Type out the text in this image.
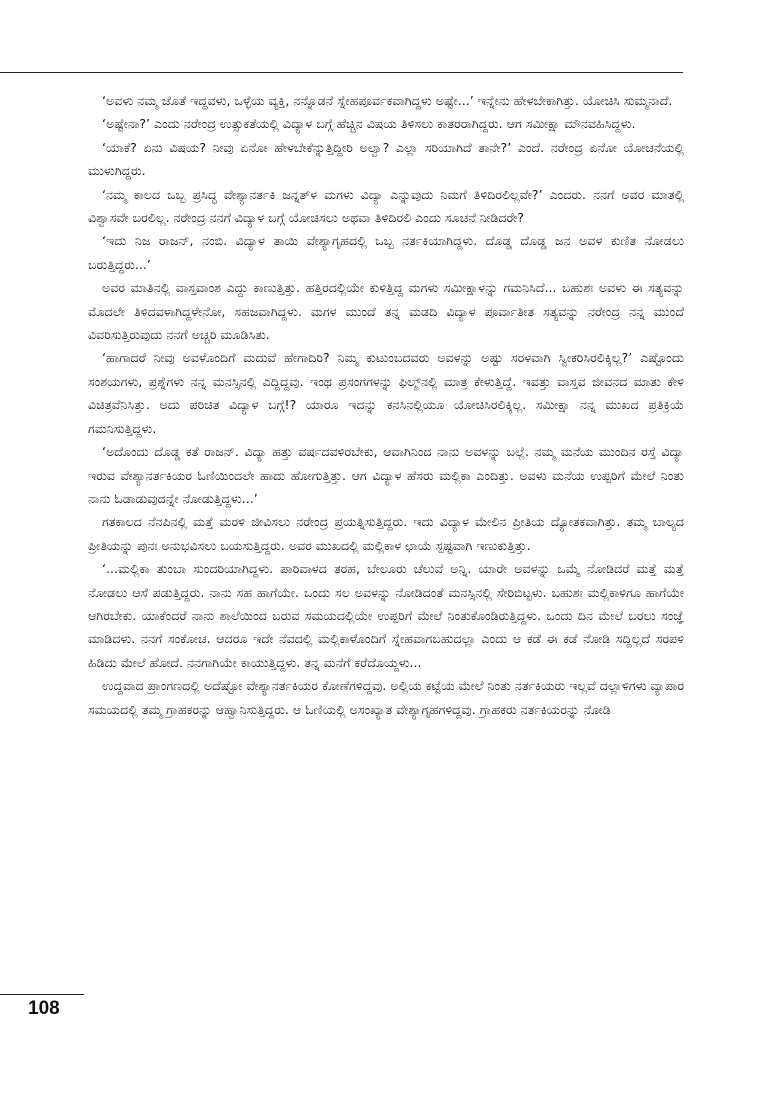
‘ಅವಳು ನಮ್ಮ ಜೊತೆ ಇದ್ದವಳು, ಒಳ್ಳೆಯ ವ್ಯಕ್ತಿ, ನನ್ನೊಡನೆ ಸ್ನೇಹಪೂರ್ವಕವಾಗಿದ್ದಳು ಅಷ್ಟೇ...’ ಇನ್ನೇನು ಹೇಳಬೇಕಾಗಿತ್ತು. ಯೋಚಿಸಿ ಸುಮ್ಮನಾದೆ.

‘ಅಷ್ಟೇನಾ?’ ಎಂದು ನರೇಂದ್ರ ಉತ್ಸುಕತೆಯಲ್ಲಿ ವಿದ್ಯಾಳ ಬಗ್ಗೆ ಹೆಚ್ಚಿನ ವಿಷಯ ತಿಳಿಸಲು ಕಾತರರಾಗಿದ್ದರು. ಆಗ ಸಮೀಕ್ಷಾ ಮೌನವಹಿಸಿದ್ದಳು.

‘ಯಾಕೆ? ಏನು ವಿಷಯ? ನೀವು ಏನೋ ಹೇಳಬೇಕೆನ್ನುತ್ತಿದ್ದೀರಿ ಅಲ್ವಾ? ಎಲ್ಲಾ ಸರಿಯಾಗಿದೆ ತಾನೇ?’ ಎಂದೆ. ನರೇಂದ್ರ ಏನೋ ಯೋಚನೆಯಲ್ಲಿ ಮುಳುಗಿದ್ದರು.

‘ನಮ್ಮ ಕಾಲದ ಒಬ್ಬ ಪ್ರಸಿದ್ಧ ವೇಶ್ಯಾನರ್ತಕಿ ಜನ್ನತ್‌ಳ ಮಗಳು ವಿದ್ಯಾ ಎನ್ನುವುದು ನಿಮಗೆ ತಿಳಿದಿರಲಿಲ್ಲವೇ?’ ಎಂದರು. ನನಗೆ ಅವರ ಮಾತಲ್ಲಿ ವಿಶ್ವಾಸವೇ ಬರಲಿಲ್ಲ. ನರೇಂದ್ರ ನನಗೆ ವಿದ್ಯಾಳ ಬಗ್ಗೆ ಯೋಚಿಸಲು ಅಥವಾ ತಿಳಿದಿರಲಿ ಎಂದು ಸೂಚನೆ ನೀಡಿದರೇ?

‘ಇದು ನಿಜ ರಾಜನ್, ನಂಬಿ. ವಿದ್ಯಾಳ ತಾಯಿ ವೇಶ್ಯಾಗೃಹದಲ್ಲಿ ಒಬ್ಬ ನರ್ತಕಿಯಾಗಿದ್ದಳು. ದೊಡ್ಡ ದೊಡ್ಡ ಜನ ಅವಳ ಕುಣಿತ ನೋಡಲು ಬರುತ್ತಿದ್ದರು...’

ಅವರ ಮಾತಿನಲ್ಲಿ ವಾಸ್ತವಾಂಶ ಎದ್ದು ಕಾಣುತ್ತಿತ್ತು. ಹತ್ತಿರದಲ್ಲಿಯೇ ಕುಳಿತ್ತಿದ್ದ ಮಗಳು ಸಮೀಕ್ಷಾಳನ್ನು ಗಮನಿಸಿದೆ... ಬಹುಶಃ ಅವಳು ಈ ಸತ್ಯವನ್ನು ಮೊದಲೇ ತಿಳಿದವಳಾಗಿದ್ದಳೇನೋ, ಸಹಜವಾಗಿದ್ದಳು. ಮಗಳ ಮುಂದೆ ತನ್ನ ಮಡದಿ ವಿದ್ಯಾಳ ಪೂರ್ವಾತೀತ ಸತ್ಯವನ್ನು ನರೇಂದ್ರ ನನ್ನ ಮುಂದೆ ವಿವರಿಸುತ್ತಿರುವುದು ನನಗೆ ಅಚ್ಚರಿ ಮೂಡಿಸಿತು.

‘ಹಾಗಾದರೆ ನೀವು ಅವಳೊಂದಿಗೆ ಮದುವೆ ಹೇಗಾದಿರಿ? ನಿಮ್ಮ ಕುಟುಂಬದವರು ಅವಳನ್ನು ಅಷ್ಟು ಸರಳವಾಗಿ ಸ್ವೀಕರಿಸಿರಲಿಕ್ಕಿಲ್ಲ?’ ಎಷ್ಟೊಂದು ಸಂಶಯಗಳು, ಪ್ರಶ್ನೆಗಳು ನನ್ನ ಮನಸ್ಸಿನಲ್ಲಿ ಎದ್ದಿದ್ದವು. ಇಂಥ ಪ್ರಸಂಗಗಳನ್ನು ಫಿಲ್ಮ್‌ನಲ್ಲಿ ಮಾತ್ರ ಕೇಳುತ್ತಿದ್ದೆ. ಇವತ್ತು ವಾಸ್ತವ ಜೀವನದ ಮಾತು ಕೇಳಿ ವಿಚಿತ್ರವೆನಿಸಿತ್ತು. ಅದು ಪರಿಚಿತ ವಿದ್ಯಾಳ ಬಗ್ಗೆ!? ಯಾರೂ ಇದನ್ನು ಕನಸಿನಲ್ಲಿಯೂ ಯೋಚಿಸಿರಲಿಕ್ಕಿಲ್ಲ. ಸಮೀಕ್ಷಾ ನನ್ನ ಮುಖದ ಪ್ರತಿಕ್ರಿಯೆ ಗಮನಿಸುತ್ತಿದ್ದಳು.

‘ಅದೊಂದು ದೊಡ್ಡ ಕತೆ ರಾಜನ್. ವಿದ್ಯಾ ಹತ್ತು ವರ್ಷದವಳಿರಬೇಕು, ಆವಾಗಿನಿಂದ ನಾನು ಅವಳನ್ನು ಬಲ್ಲೆ. ನಮ್ಮ ಮನೆಯ ಮುಂದಿನ ರಸ್ತೆ ವಿದ್ಯಾ ಇರುವ ವೇಶ್ಯಾನರ್ತಕಿಯರ ಓಣಿಯಿಂದಲೇ ಹಾದು ಹೋಗುತ್ತಿತ್ತು. ಆಗ ವಿದ್ಯಾಳ ಹೆಸರು ಮಲ್ಲಿಕಾ ಎಂದಿತ್ತು. ಅವಳು ಮನೆಯ ಉಪ್ಪರಿಗೆ ಮೇಲೆ ನಿಂತು ನಾನು ಓಡಾಡುವುದನ್ನೇ ನೋಡುತ್ತಿದ್ದಳು...’

ಗತಕಾಲದ ನೆನಪಿನಲ್ಲಿ ಮತ್ತೆ ಮರಳಿ ಜೀವಿಸಲು ನರೇಂದ್ರ ಪ್ರಯತ್ನಿಸುತ್ತಿದ್ದರು. ಇದು ವಿದ್ಯಾಳ ಮೇಲಿನ ಪ್ರೀತಿಯ ದ್ಯೋತಕವಾಗಿತ್ತು. ತಮ್ಮ ಬಾಲ್ಯದ ಪ್ರೀತಿಯನ್ನು ಪುನಃ ಅನುಭವಿಸಲು ಬಯಸುತ್ತಿದ್ದರು. ಅವರ ಮುಖದಲ್ಲಿ ಮಲ್ಲಿಕಾಳ ಛಾಯೆ ಸ್ಪಷ್ಟವಾಗಿ ಇಣುಕುತ್ತಿತ್ತು.

‘...ಮಲ್ಲಿಕಾ ತುಂಬಾ ಸುಂದರಿಯಾಗಿದ್ದಳು. ಪಾರಿವಾಳದ ತರಹ, ಬೇಲೂರು ಚೆಲುವೆ ಅನ್ನಿ. ಯಾರೇ ಅವಳನ್ನು ಒಮ್ಮೆ ನೋಡಿದರೆ ಮತ್ತೆ ಮತ್ತೆ ನೋಡಲು ಆಸೆ ಪಡುತ್ತಿದ್ದರು. ನಾನು ಸಹ ಹಾಗೆಯೇ. ಒಂದು ಸಲ ಅವಳನ್ನು ನೋಡಿದಂತೆ ಮನಸ್ಸಿನಲ್ಲಿ ಸೇರಿಬಿಟ್ಟಳು. ಬಹುಶಃ ಮಲ್ಲಿಕಾಳಿಗೂ ಹಾಗೆಯೇ ಆಗಿರಬೇಕು. ಯಾಕೆಂದರೆ ನಾನು ಶಾಲೆಯಿಂದ ಬರುವ ಸಮಯದಲ್ಲಿಯೇ ಉಪ್ಪರಿಗೆ ಮೇಲೆ ನಿಂತುಕೊಂಡಿರುತ್ತಿದ್ದಳು. ಒಂದು ದಿನ ಮೇಲೆ ಬರಲು ಸಂಜ್ಞೆ ಮಾಡಿದಳು. ನನಗೆ ಸಂಕೋಚ. ಆದರೂ ಇದೇ ನೆವದಲ್ಲಿ ಮಲ್ಲಿಕಾಳೊಂದಿಗೆ ಸ್ನೇಹವಾಗಬಹುದಲ್ಲಾ ಎಂದು ಆ ಕಡೆ ಈ ಕಡೆ ನೋಡಿ ಸದ್ದಿಲ್ಲದೆ ಸರಪಳಿ ಹಿಡಿದು ಮೇಲೆ ಹೋದೆ. ನನಗಾಗಿಯೇ ಕಾಯುತ್ತಿದ್ದಳು. ತನ್ನ ಮನೆಗೆ ಕರೆದೊಯ್ದಳು...

ಉದ್ದವಾದ ಪ್ರಾಂಗಣದಲ್ಲಿ ಅದೆಷ್ಟೋ ವೇಶ್ಯಾನರ್ತಕಿಯರ ಕೋಣೆಗಳಿದ್ದವು. ಅಲ್ಲಿಯ ಕಟ್ಟೆಯ ಮೇಲೆ ನಿಂತು ನರ್ತಕಿಯರು ಇಲ್ಲವೆ ದಲ್ಲಾಳಿಗಳು ವ್ಯಾಪಾರ ಸಮಯದಲ್ಲಿ ತಮ್ಮ ಗ್ರಾಹಕರನ್ನು ಆಹ್ವಾನಿಸುತ್ತಿದ್ದರು. ಆ ಓಣಿಯಲ್ಲಿ ಅಸಂಖ್ಯಾತ ವೇಶ್ಯಾಗೃಹಗಳಿದ್ದವು. ಗ್ರಾಹಕರು ನರ್ತಕಿಯರನ್ನು ನೋಡಿ

108
